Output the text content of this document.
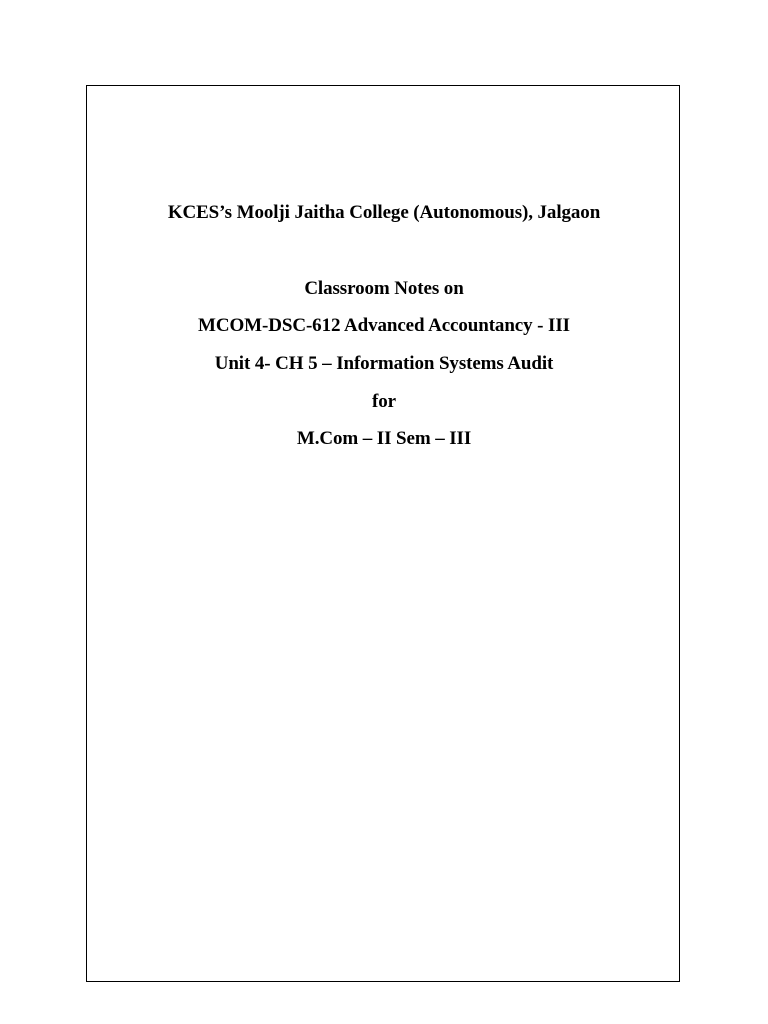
KCES’s Moolji Jaitha College (Autonomous), Jalgaon
Classroom Notes on
MCOM-DSC-612 Advanced Accountancy - III
Unit 4- CH 5 – Information Systems Audit
for
M.Com – II Sem – III
